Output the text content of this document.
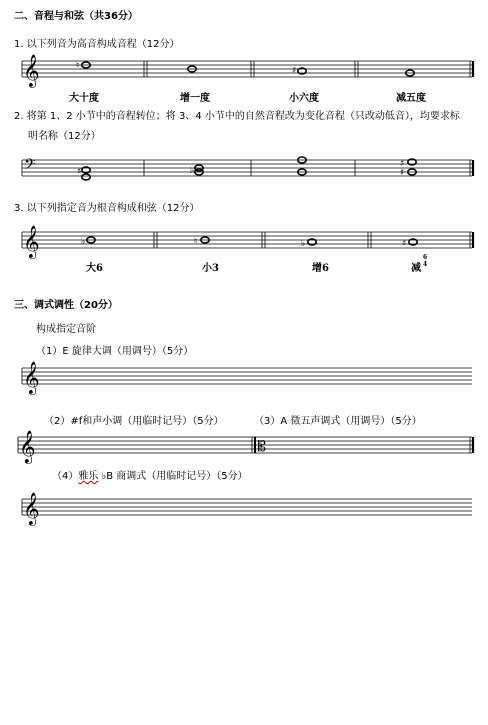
二、音程与和弦（共36分）
1. 以下列音为高音构成音程（12分）
𝄞	♮	♯
大十度	增一度	小六度	减五度
2. 将第 1、2 小节中的音程转位；将 3、4 小节中的自然音程改为变化音程（只改动低音），均要求标
明名称（12分）
𝄢	♯	♭
♯
♯
3. 以下列指定音为根音构成和弦（12分）
𝄞	♭	♮	♭	♯
大6	小3	增6	减
6
4
三、调式调性（20分）
构成指定音阶
（1）E 旋律大调（用调号）（5分）
𝄞
（2）#f和声小调（用临时记号）（5分）	（3）A 徵五声调式（用调号）（5分）
𝄞	𝄡
（4）雅乐 ♭B 商调式（用临时记号）（5分）
𝄞
